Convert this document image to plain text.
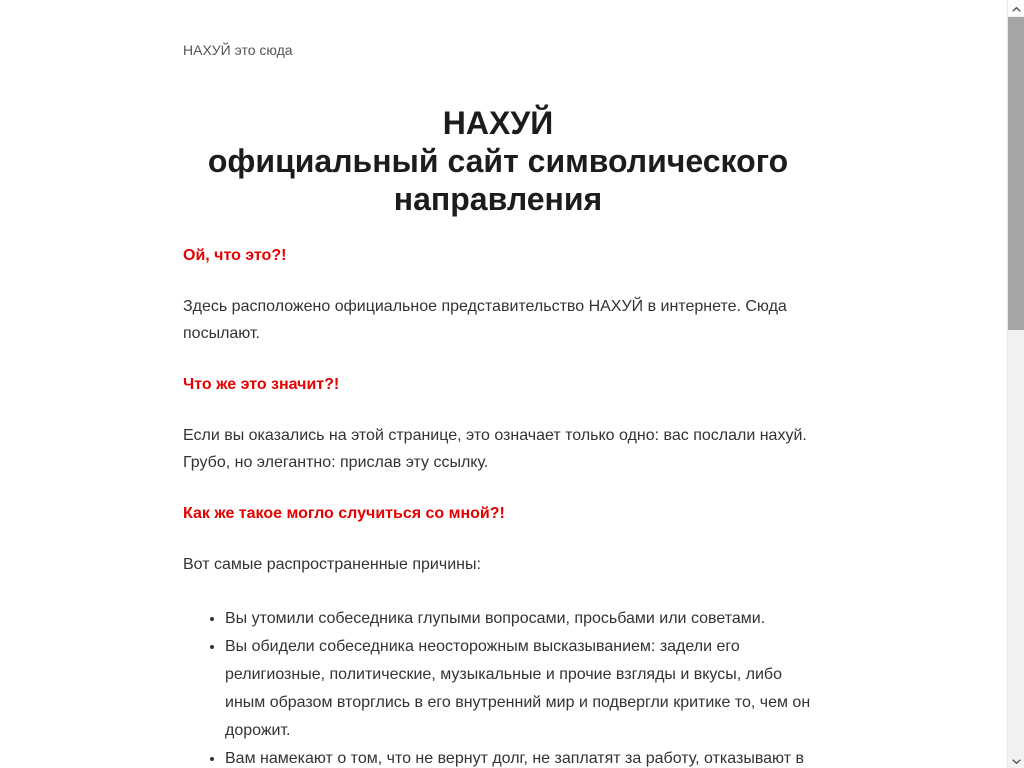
НАХУЙ это сюда

НАХУЙ
официальный сайт символического направления

Ой, что это?!

Здесь расположено официальное представительство НАХУЙ в интернете. Сюда посылают.

Что же это значит?!

Если вы оказались на этой странице, это означает только одно: вас послали нахуй. Грубо, но элегантно: прислав эту ссылку.

Как же такое могло случиться со мной?!

Вот самые распространенные причины:

• Вы утомили собеседника глупыми вопросами, просьбами или советами.
• Вы обидели собеседника неосторожным высказыванием: задели его религиозные, политические, музыкальные и прочие взгляды и вкусы, либо иным образом вторглись в его внутренний мир и подвергли критике то, чем он дорожит.
• Вам намекают о том, что не вернут долг, не заплатят за работу, отказывают в
